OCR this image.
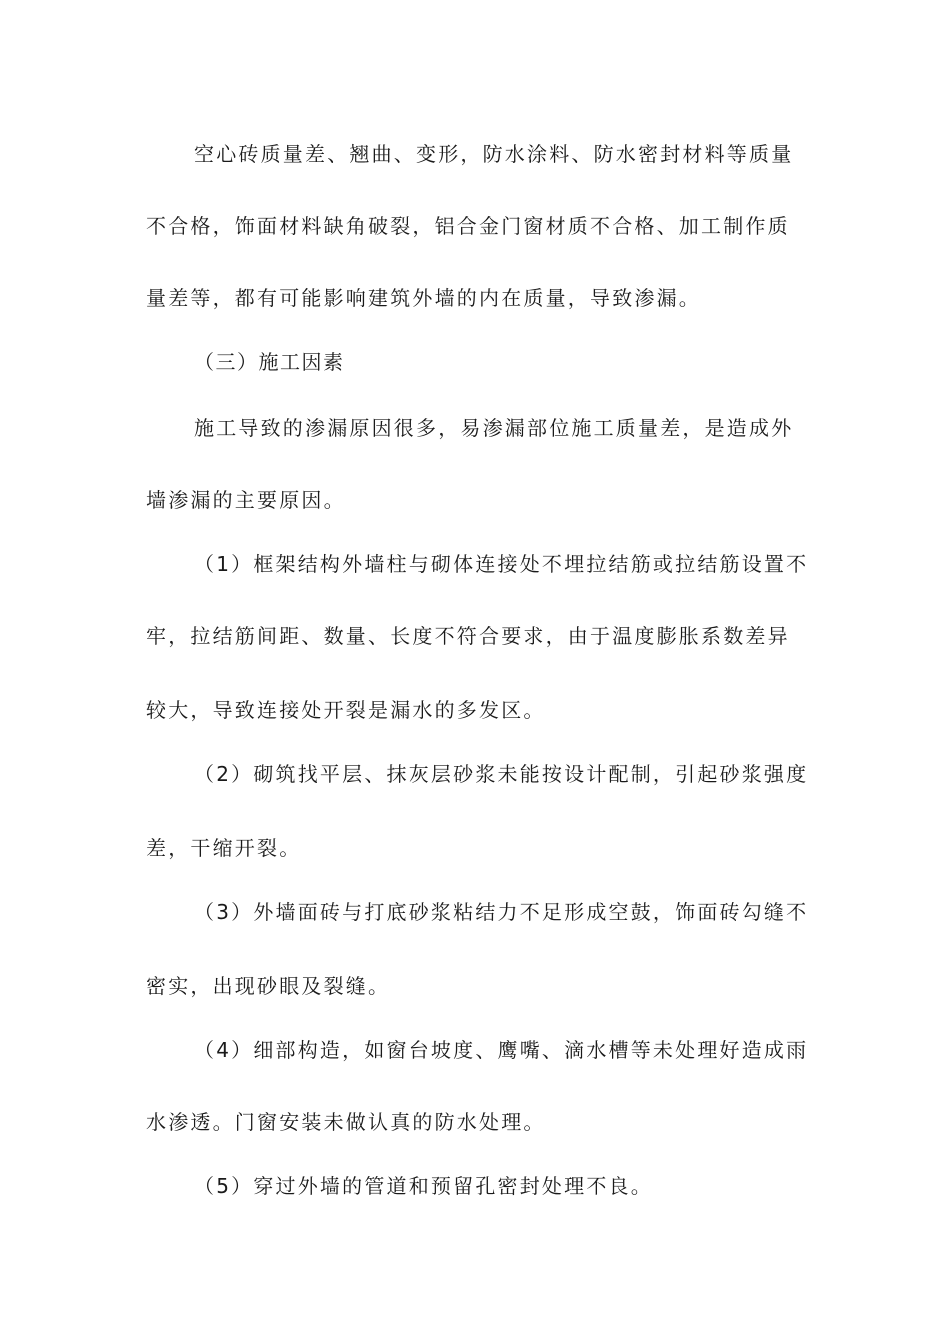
空心砖质量差、翘曲、变形，防水涂料、防水密封材料等质量
不合格，饰面材料缺角破裂，铝合金门窗材质不合格、加工制作质
量差等，都有可能影响建筑外墙的内在质量，导致渗漏。
（三）施工因素
施工导致的渗漏原因很多，易渗漏部位施工质量差，是造成外
墙渗漏的主要原因。
（1）框架结构外墙柱与砌体连接处不埋拉结筋或拉结筋设置不
牢，拉结筋间距、数量、长度不符合要求，由于温度膨胀系数差异
较大，导致连接处开裂是漏水的多发区。
（2）砌筑找平层、抹灰层砂浆未能按设计配制，引起砂浆强度
差，干缩开裂。
（3）外墙面砖与打底砂浆粘结力不足形成空鼓，饰面砖勾缝不
密实，出现砂眼及裂缝。
（4）细部构造，如窗台坡度、鹰嘴、滴水槽等未处理好造成雨
水渗透。门窗安装未做认真的防水处理。
（5）穿过外墙的管道和预留孔密封处理不良。
